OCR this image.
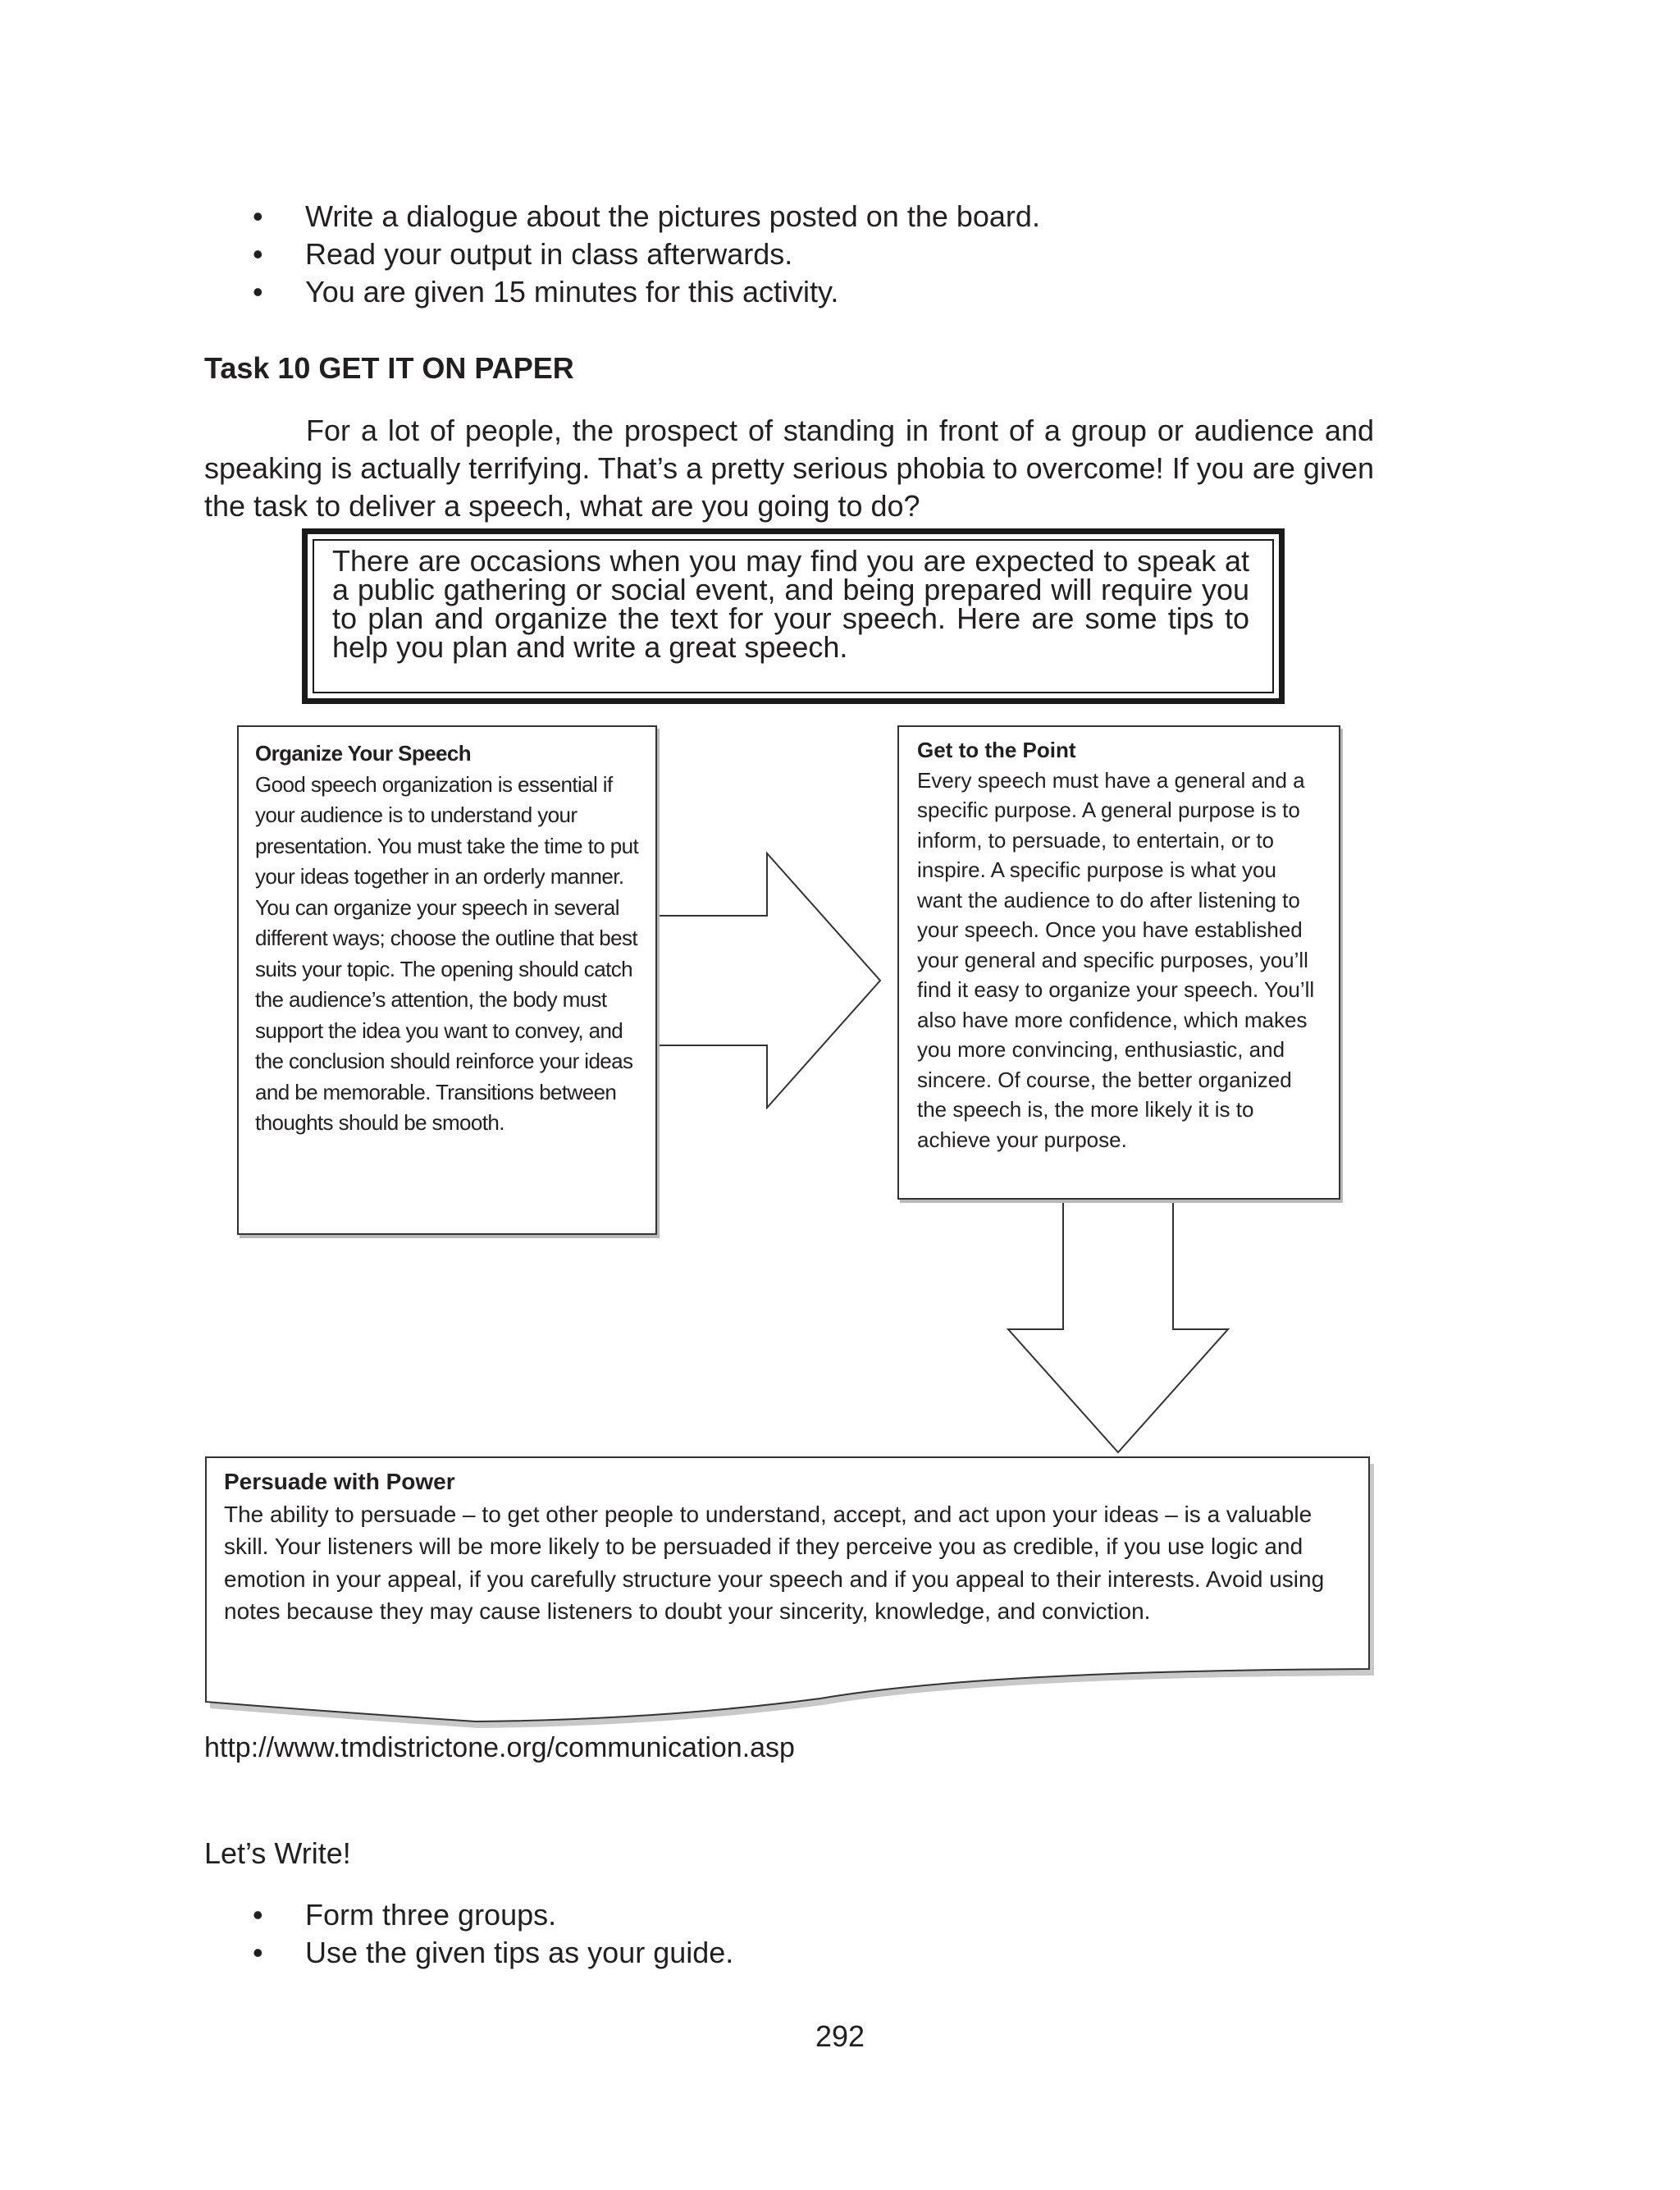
• Write a dialogue about the pictures posted on the board.
• Read your output in class afterwards.
• You are given 15 minutes for this activity.
Task 10 GET IT ON PAPER

For a lot of people, the prospect of standing in front of a group or audience and speaking is actually terrifying. That’s a pretty serious phobia to overcome! If you are given the task to deliver a speech, what are you going to do?

There are occasions when you may find you are expected to speak at a public gathering or social event, and being prepared will require you to plan and organize the text for your speech. Here are some tips to help you plan and write a great speech.

Organize Your Speech
Good speech organization is essential if your audience is to understand your presentation. You must take the time to put your ideas together in an orderly manner. You can organize your speech in several different ways; choose the outline that best suits your topic. The opening should catch the audience’s attention, the body must support the idea you want to convey, and the conclusion should reinforce your ideas and be memorable. Transitions between thoughts should be smooth.
Get to the Point
Every speech must have a general and a specific purpose. A general purpose is to inform, to persuade, to entertain, or to inspire. A specific purpose is what you want the audience to do after listening to your speech. Once you have established your general and specific purposes, you’ll find it easy to organize your speech. You’ll also have more confidence, which makes you more convincing, enthusiastic, and sincere. Of course, the better organized the speech is, the more likely it is to achieve your purpose.
Persuade with Power
The ability to persuade – to get other people to understand, accept, and act upon your ideas – is a valuable skill. Your listeners will be more likely to be persuaded if they perceive you as credible, if you use logic and emotion in your appeal, if you carefully structure your speech and if you appeal to their interests. Avoid using notes because they may cause listeners to doubt your sincerity, knowledge, and conviction.
http://www.tmdistrictone.org/communication.asp
Let’s Write!
• Form three groups.
• Use the given tips as your guide.
292
